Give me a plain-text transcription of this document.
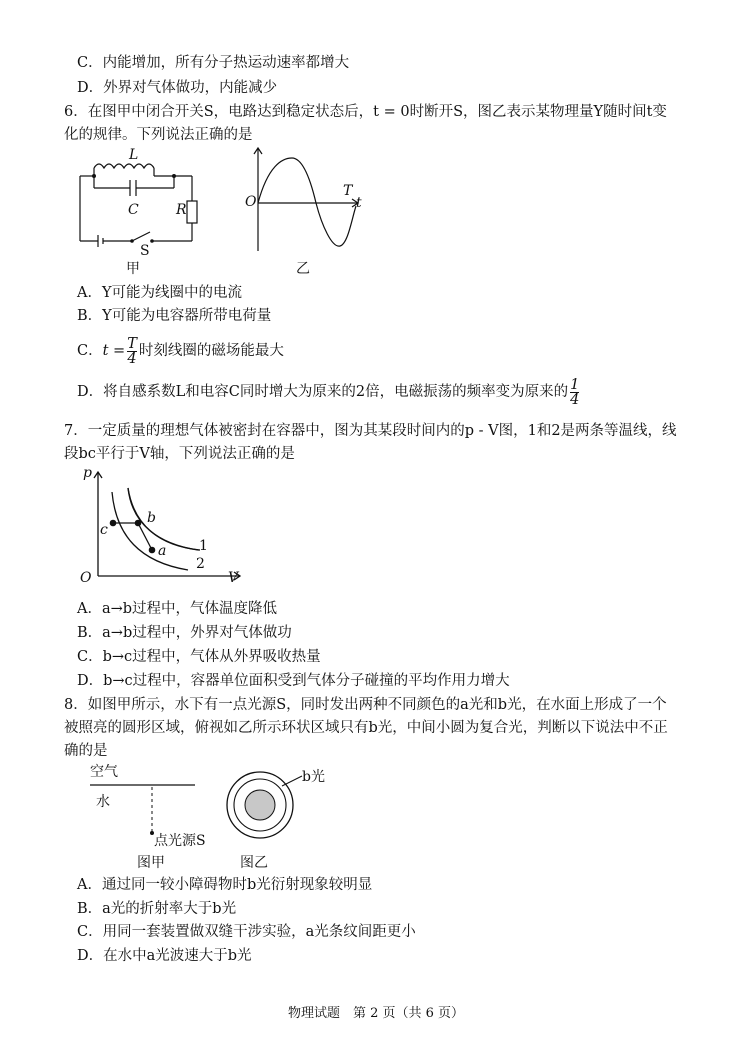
C．内能增加，所有分子热运动速率都增大
D．外界对气体做功，内能减少
6．在图甲中闭合开关S，电路达到稳定状态后，t = 0时断开S，图乙表示某物理量Y随时间t变
化的规律。下列说法正确的是
L
C	R
S
甲
O
T
t
乙
A．Y可能为线圈中的电流
B．Y可能为电容器所带电荷量
C．$t = \frac{T}{4}$ 时刻线圈的磁场能最大
D．将自感系数L和电容C同时增大为原来的2倍，电磁振荡的频率变为原来的 $\frac{1}{4}$
7．一定质量的理想气体被密封在容器中，图为其某段时间内的p - V图，1和2是两条等温线，线
段bc平行于V轴，下列说法正确的是
p
V
O
b
c
a 1
2
A．a→b过程中，气体温度降低
B．a→b过程中，外界对气体做功
C．b→c过程中，气体从外界吸收热量
D．b→c过程中，容器单位面积受到气体分子碰撞的平均作用力增大
8．如图甲所示，水下有一点光源S，同时发出两种不同颜色的a光和b光，在水面上形成了一个
被照亮的圆形区域，俯视如乙所示环状区域只有b光，中间小圆为复合光，判断以下说法中不正
确的是
空气
水
点光源S
图甲
b光
图乙
A．通过同一较小障碍物时b光衍射现象较明显
B．a光的折射率大于b光
C．用同一套装置做双缝干涉实验，a光条纹间距更小
D．在水中a光波速大于b光
物理试题　第 2 页（共 6 页）
